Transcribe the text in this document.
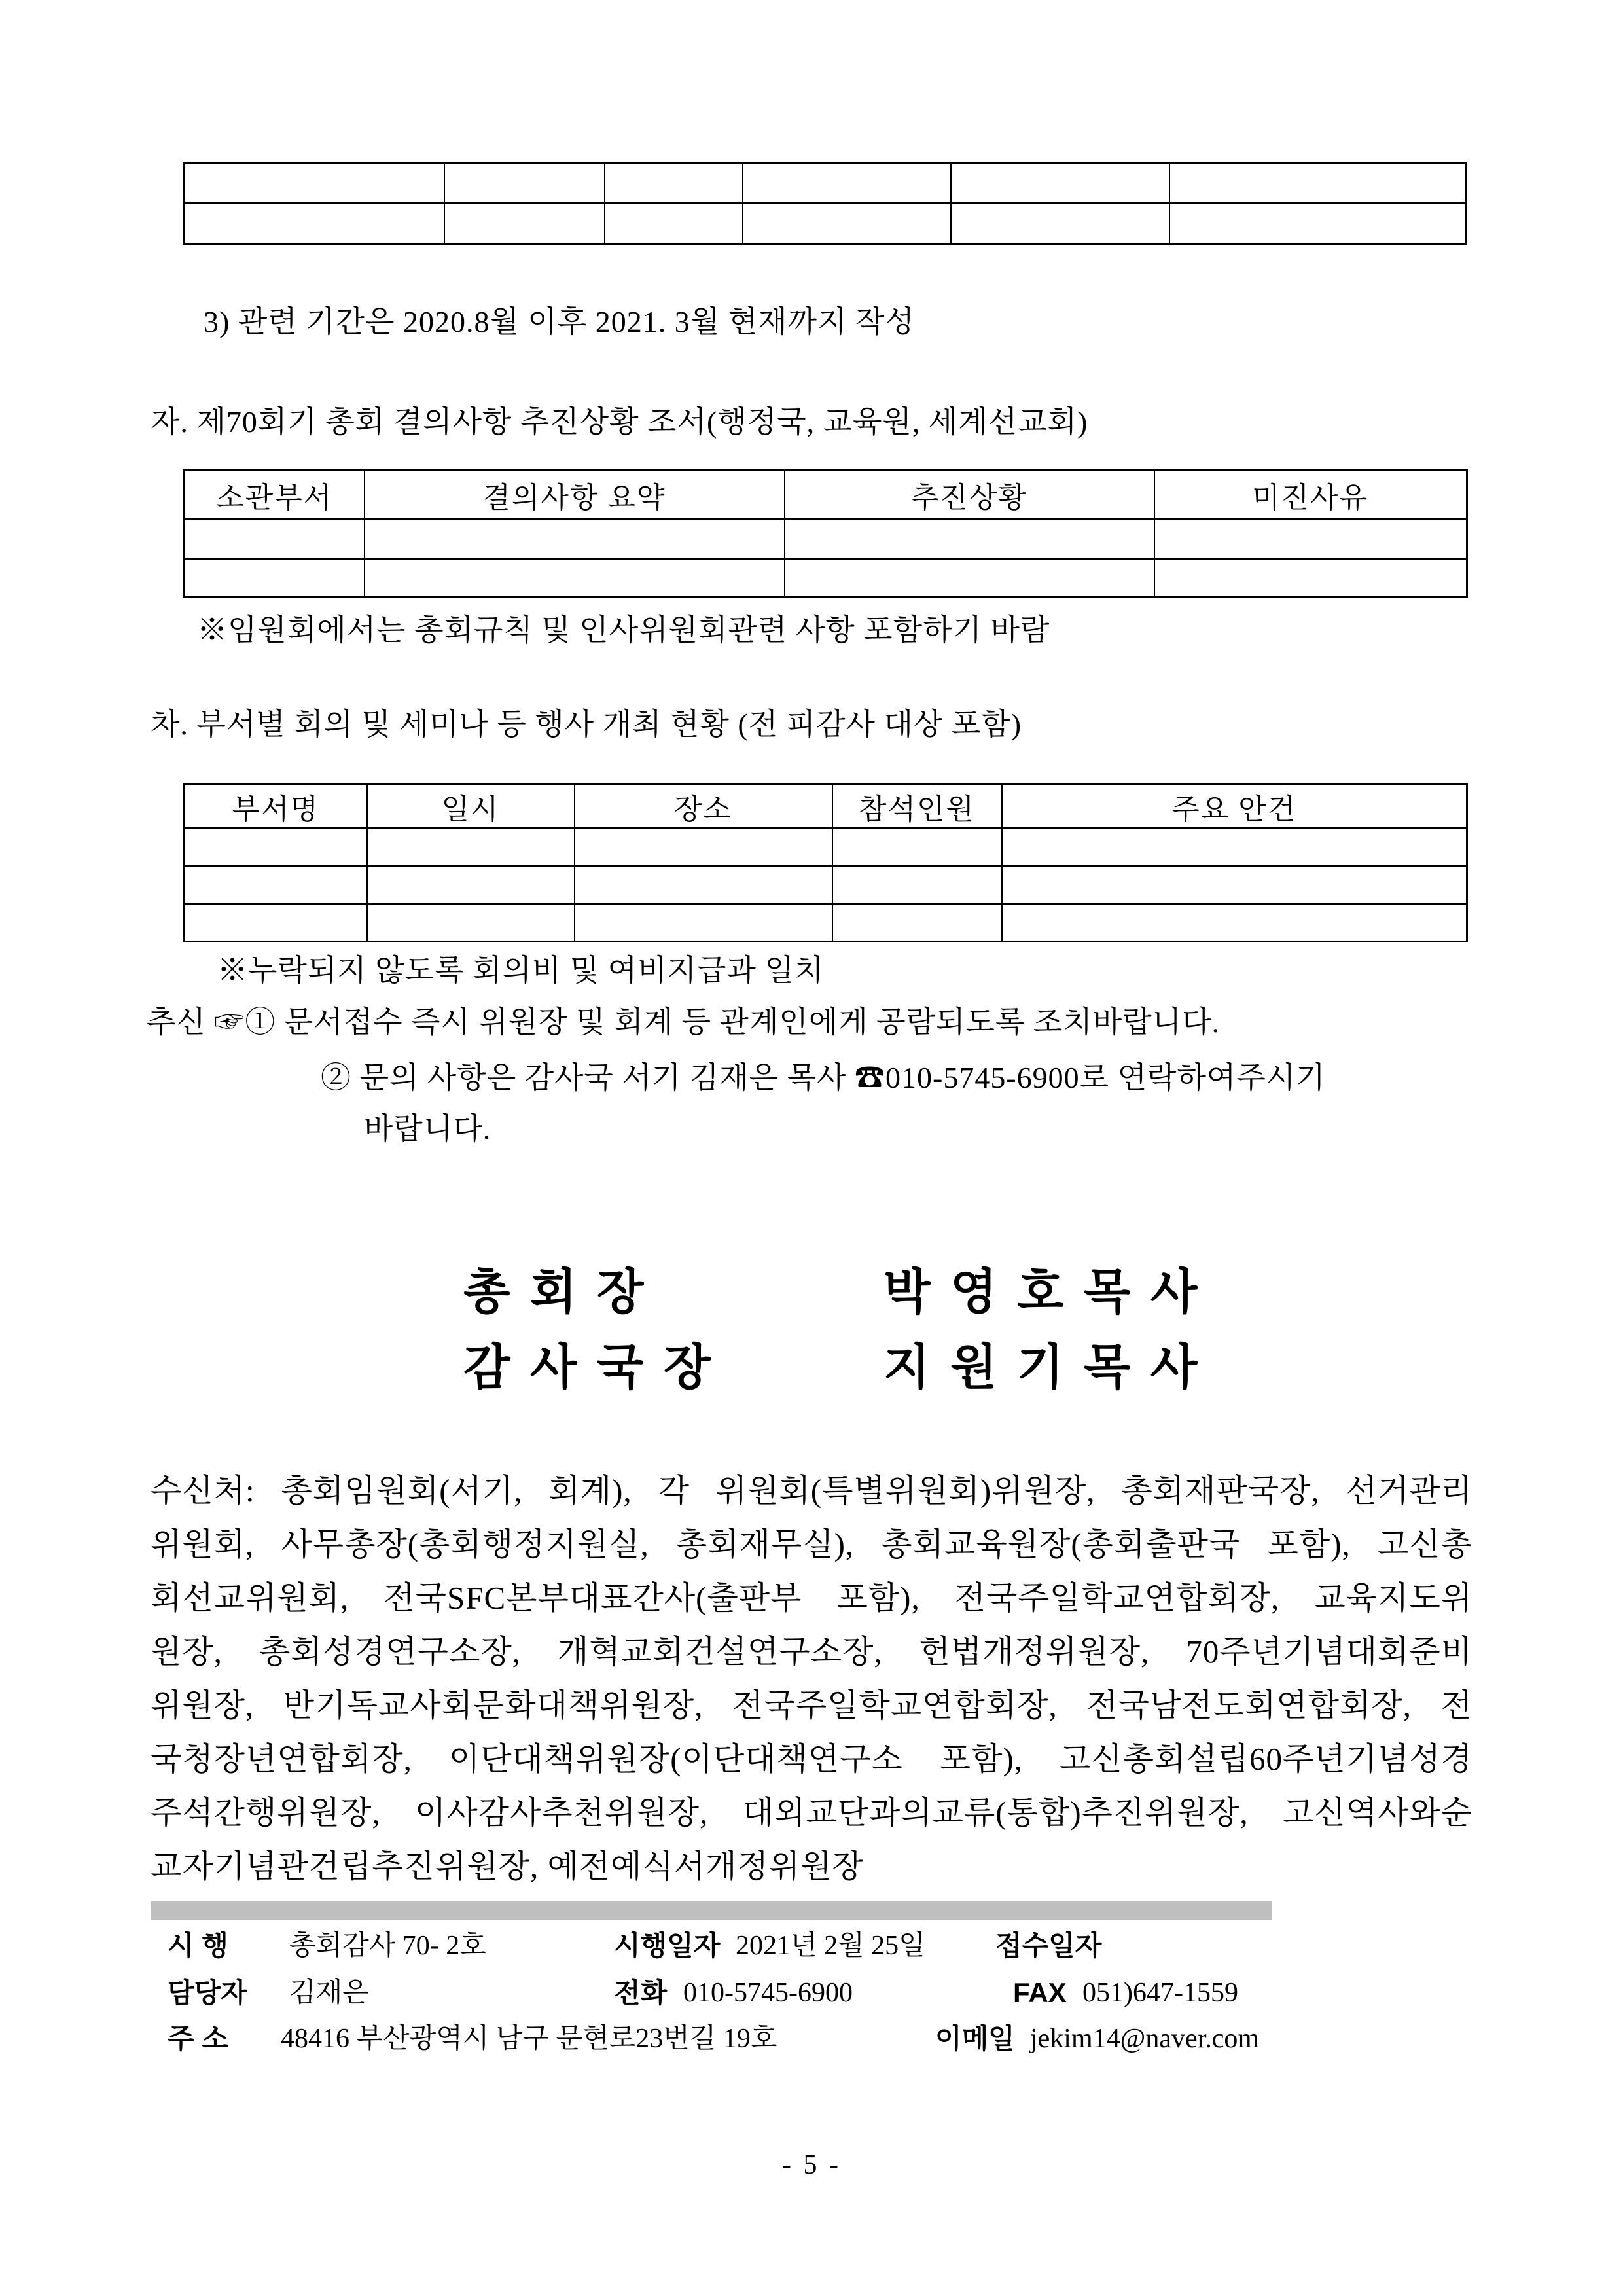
3) 관련 기간은 2020.8월 이후 2021. 3월 현재까지 작성
자. 제70회기 총회 결의사항 추진상황 조서(행정국, 교육원, 세계선교회)
소관부서	결의사항 요약	추진상황	미진사유

※임원회에서는 총회규칙 및 인사위원회관련 사항 포함하기 바람
차. 부서별 회의 및 세미나 등 행사 개최 현황 (전 피감사 대상 포함)
부서명	일시	장소	참석인원	주요 안건

※누락되지 않도록 회의비 및 여비지급과 일치
추신 ☞① 문서접수 즉시 위원장 및 회계 등 관계인에게 공람되도록 조치바랍니다.
② 문의 사항은 감사국 서기 김재은 목사 ☎010-5745-6900로 연락하여주시기
바랍니다.
총 회 장	박 영 호 목 사
감 사 국 장	지 원 기 목 사
수신처: 총회임원회(서기, 회계), 각 위원회(특별위원회)위원장, 총회재판국장, 선거관리
위원회, 사무총장(총회행정지원실, 총회재무실), 총회교육원장(총회출판국 포함), 고신총
회선교위원회, 전국SFC본부대표간사(출판부 포함), 전국주일학교연합회장, 교육지도위
원장, 총회성경연구소장, 개혁교회건설연구소장, 헌법개정위원장, 70주년기념대회준비
위원장, 반기독교사회문화대책위원장, 전국주일학교연합회장, 전국남전도회연합회장, 전
국청장년연합회장, 이단대책위원장(이단대책연구소 포함), 고신총회설립60주년기념성경
주석간행위원장, 이사감사추천위원장, 대외교단과의교류(통합)추진위원장, 고신역사와순
교자기념관건립추진위원장, 예전예식서개정위원장
시 행 총회감사 70- 2호	시행일자 2021년 2월 25일	접수일자
담당자 김재은	전화 010-5745-6900	FAX 051)647-1559
주 소 48416 부산광역시 남구 문현로23번길 19호	이메일 jekim14@naver.com
- 5 -
